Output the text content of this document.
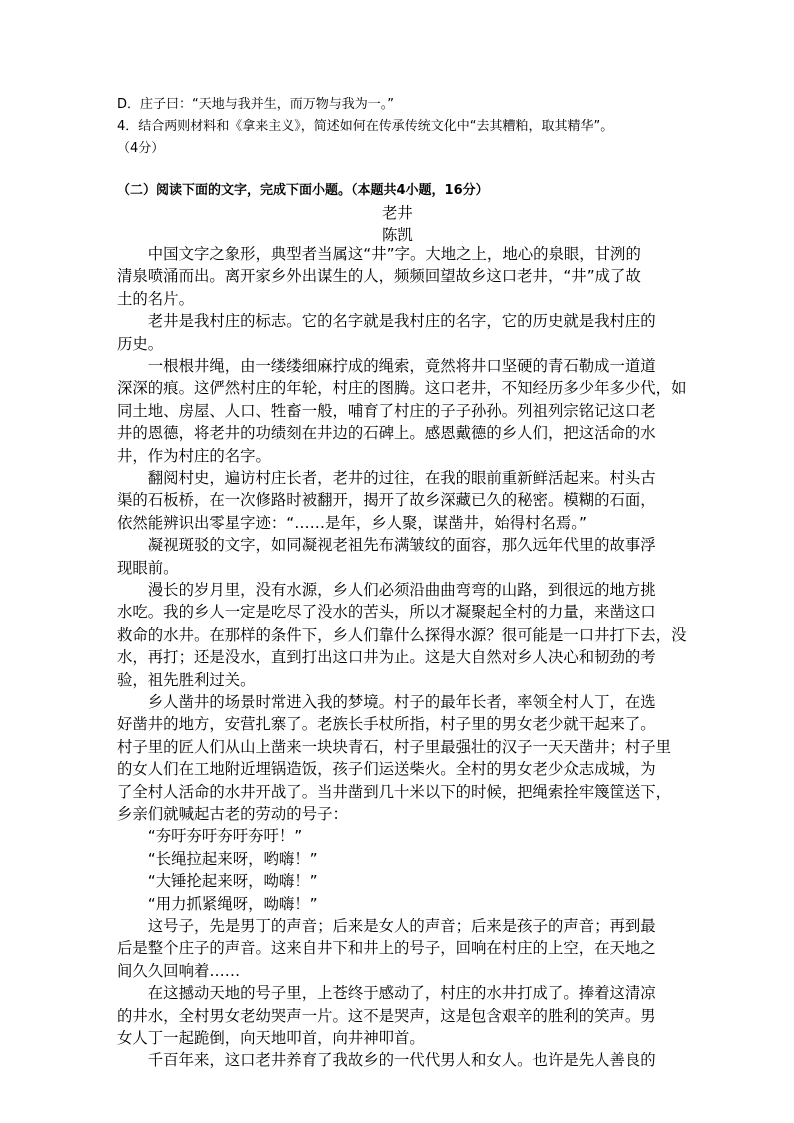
D．庄子曰：“天地与我并生，而万物与我为一。”
4．结合两则材料和《拿来主义》，简述如何在传承传统文化中“去其糟粕，取其精华”。
（4分）
（二）阅读下面的文字，完成下面小题。（本题共4小题，16分）
老井
陈凯
　　中国文字之象形，典型者当属这“井”字。大地之上，地心的泉眼，甘洌的
清泉喷涌而出。离开家乡外出谋生的人，频频回望故乡这口老井，“井”成了故
土的名片。
　　老井是我村庄的标志。它的名字就是我村庄的名字，它的历史就是我村庄的
历史。
　　一根根井绳，由一缕缕细麻拧成的绳索，竟然将井口坚硬的青石勒成一道道
深深的痕。这俨然村庄的年轮，村庄的图腾。这口老井，不知经历多少年多少代，如
同土地、房屋、人口、牲畜一般，哺育了村庄的子子孙孙。列祖列宗铭记这口老
井的恩德，将老井的功绩刻在井边的石碑上。感恩戴德的乡人们，把这活命的水
井，作为村庄的名字。
　　翻阅村史，遍访村庄长者，老井的过往，在我的眼前重新鲜活起来。村头古
渠的石板桥，在一次修路时被翻开，揭开了故乡深藏已久的秘密。模糊的石面，
依然能辨识出零星字迹：“……是年，乡人聚，谋凿井，始得村名焉。”
　　凝视斑驳的文字，如同凝视老祖先布满皱纹的面容，那久远年代里的故事浮
现眼前。
　　漫长的岁月里，没有水源，乡人们必须沿曲曲弯弯的山路，到很远的地方挑
水吃。我的乡人一定是吃尽了没水的苦头，所以才凝聚起全村的力量，来凿这口
救命的水井。在那样的条件下，乡人们靠什么探得水源？很可能是一口井打下去，没
水，再打；还是没水，直到打出这口井为止。这是大自然对乡人决心和韧劲的考
验，祖先胜利过关。
　　乡人凿井的场景时常进入我的梦境。村子的最年长者，率领全村人丁，在选
好凿井的地方，安营扎寨了。老族长手杖所指，村子里的男女老少就干起来了。
村子里的匠人们从山上凿来一块块青石，村子里最强壮的汉子一天天凿井；村子里
的女人们在工地附近埋锅造饭，孩子们运送柴火。全村的男女老少众志成城，为
了全村人活命的水井开战了。当井凿到几十米以下的时候，把绳索拴牢篾筐送下，
乡亲们就喊起古老的劳动的号子：
　　“夯吁夯吁夯吁夯吁！”
　　“长绳拉起来呀，哟嗨！”
　　“大锤抡起来呀，呦嗨！”
　　“用力抓紧绳呀，呦嗨！”
　　这号子，先是男丁的声音；后来是女人的声音；后来是孩子的声音；再到最
后是整个庄子的声音。这来自井下和井上的号子，回响在村庄的上空，在天地之
间久久回响着……
　　在这撼动天地的号子里，上苍终于感动了，村庄的水井打成了。捧着这清凉
的井水，全村男女老幼哭声一片。这不是哭声，这是包含艰辛的胜利的笑声。男
女人丁一起跪倒，向天地叩首，向井神叩首。
　　千百年来，这口老井养育了我故乡的一代代男人和女人。也许是先人善良的
